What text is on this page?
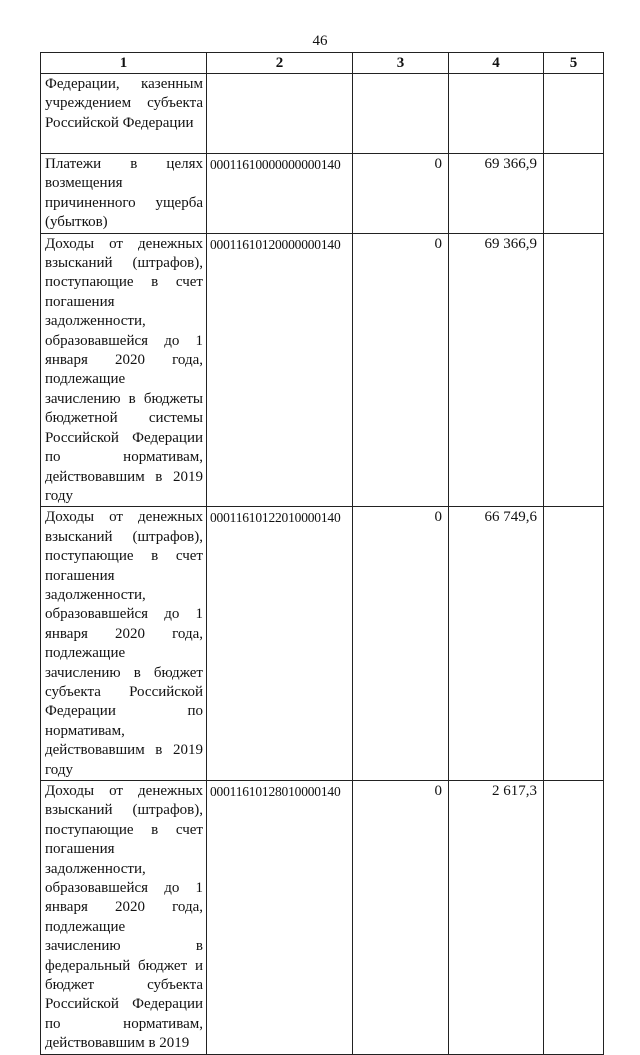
46
1	2	3	4	5
Федерации, казенным учреждением субъекта Российской Федерации				
Платежи в целях возмещения причиненного ущерба (убытков)	00011610000000000140	0	69 366,9	
Доходы от денежных взысканий (штрафов), поступающие в счет погашения задолженности, образовавшейся до 1 января 2020 года, подлежащие зачислению в бюджеты бюджетной системы Российской Федерации по нормативам, действовавшим в 2019 году	00011610120000000140	0	69 366,9	
Доходы от денежных взысканий (штрафов), поступающие в счет погашения задолженности, образовавшейся до 1 января 2020 года, подлежащие зачислению в бюджет субъекта Российской Федерации по нормативам, действовавшим в 2019 году	00011610122010000140	0	66 749,6	
Доходы от денежных взысканий (штрафов), поступающие в счет погашения задолженности, образовавшейся до 1 января 2020 года, подлежащие зачислению в федеральный бюджет и бюджет субъекта Российской Федерации по нормативам, действовавшим в 2019	00011610128010000140	0	2 617,3	
